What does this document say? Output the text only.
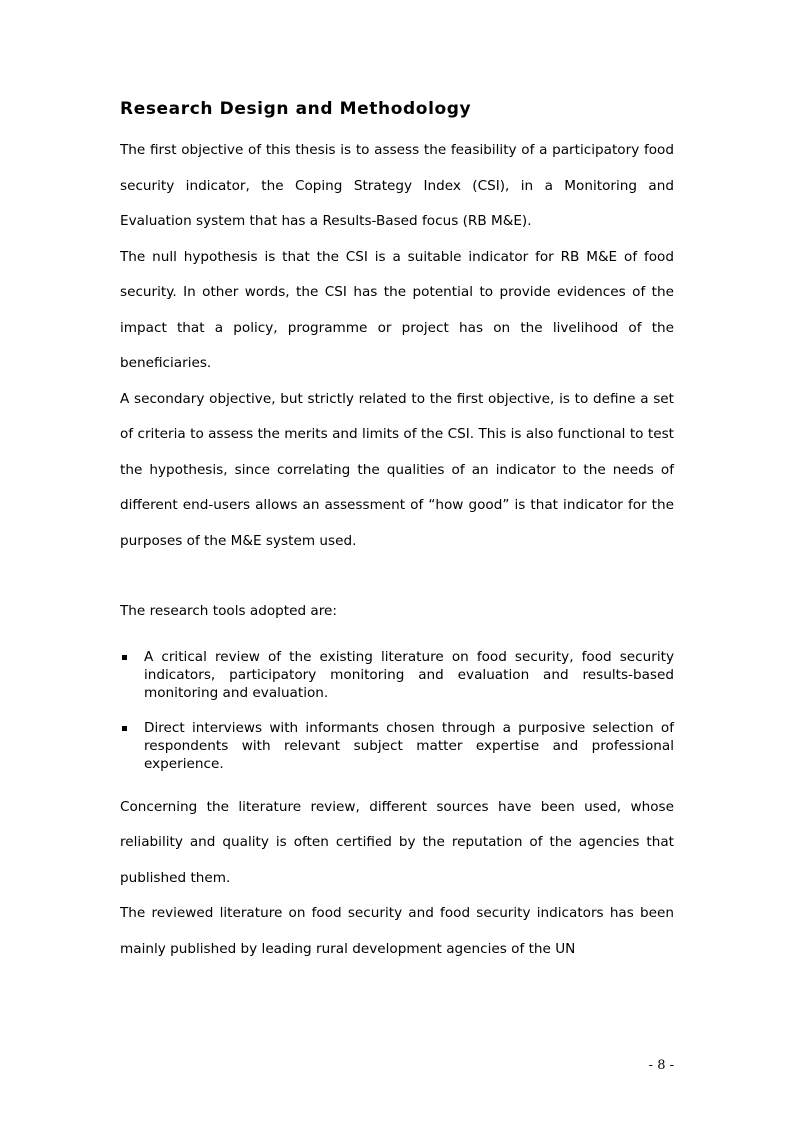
Research Design and Methodology

The first objective of this thesis is to assess the feasibility of a participatory food security indicator, the Coping Strategy Index (CSI), in a Monitoring and Evaluation system that has a Results-Based focus (RB M&E).

The null hypothesis is that the CSI is a suitable indicator for RB M&E of food security. In other words, the CSI has the potential to provide evidences of the impact that a policy, programme or project has on the livelihood of the beneficiaries.

A secondary objective, but strictly related to the first objective, is to define a set of criteria to assess the merits and limits of the CSI. This is also functional to test the hypothesis, since correlating the qualities of an indicator to the needs of different end-users allows an assessment of “how good” is that indicator for the purposes of the M&E system used.

The research tools adopted are:

A critical review of the existing literature on food security, food security indicators, participatory monitoring and evaluation and results-based monitoring and evaluation.
Direct interviews with informants chosen through a purposive selection of respondents with relevant subject matter expertise and professional experience.

Concerning the literature review, different sources have been used, whose reliability and quality is often certified by the reputation of the agencies that published them.

The reviewed literature on food security and food security indicators has been mainly published by leading rural development agencies of the UN

- 8 -
